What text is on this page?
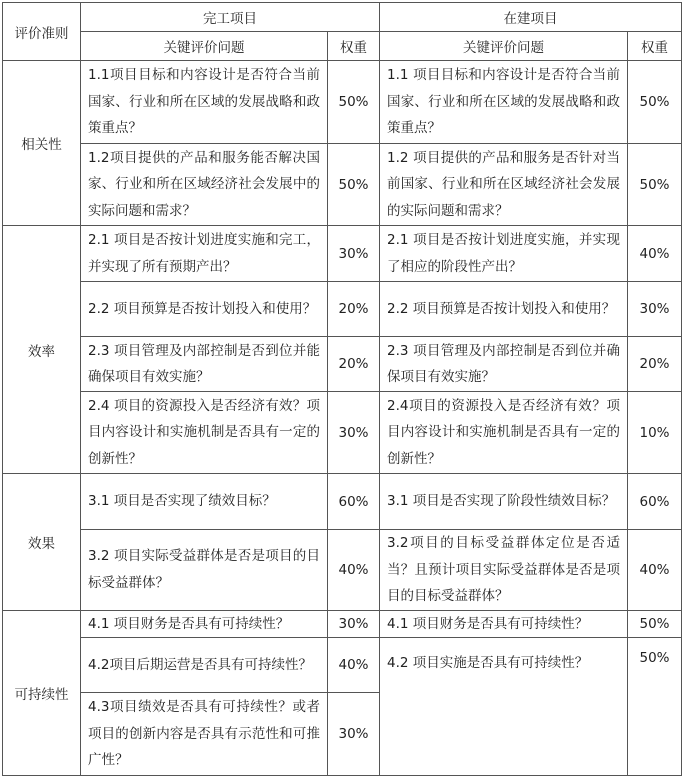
评价准则	完工项目		在建项目	
	关键评价问题	权重	关键评价问题	权重
相关性	1.1项目目标和内容设计是否符合当前国家、行业和所在区域的发展战略和政策重点？	50%	1.1 项目目标和内容设计是否符合当前国家、行业和所在区域的发展战略和政策重点？	50%
	1.2项目提供的产品和服务能否解决国家、行业和所在区域经济社会发展中的实际问题和需求？	50%	1.2 项目提供的产品和服务是否针对当前国家、行业和所在区域经济社会发展的实际问题和需求？	50%
效率	2.1 项目是否按计划进度实施和完工，并实现了所有预期产出？	30%	2.1 项目是否按计划进度实施，并实现了相应的阶段性产出？	40%
	2.2 项目预算是否按计划投入和使用？	20%	2.2 项目预算是否按计划投入和使用？	30%
	2.3 项目管理及内部控制是否到位并能确保项目有效实施？	20%	2.3 项目管理及内部控制是否到位并确保项目有效实施？	20%
	2.4 项目的资源投入是否经济有效？项目内容设计和实施机制是否具有一定的创新性？	30%	2.4项目的资源投入是否经济有效？项目内容设计和实施机制是否具有一定的创新性？	10%
效果	3.1 项目是否实现了绩效目标？	60%	3.1 项目是否实现了阶段性绩效目标？	60%
	3.2 项目实际受益群体是否是项目的目标受益群体？	40%	3.2项目的目标受益群体定位是否适当？且预计项目实际受益群体是否是项目的目标受益群体？	40%
可持续性	4.1 项目财务是否具有可持续性？	30%	4.1 项目财务是否具有可持续性？	50%
	4.2项目后期运营是否具有可持续性？	40%	4.2 项目实施是否具有可持续性？	50%
	4.3项目绩效是否具有可持续性？或者项目的创新内容是否具有示范性和可推广性？	30%		
